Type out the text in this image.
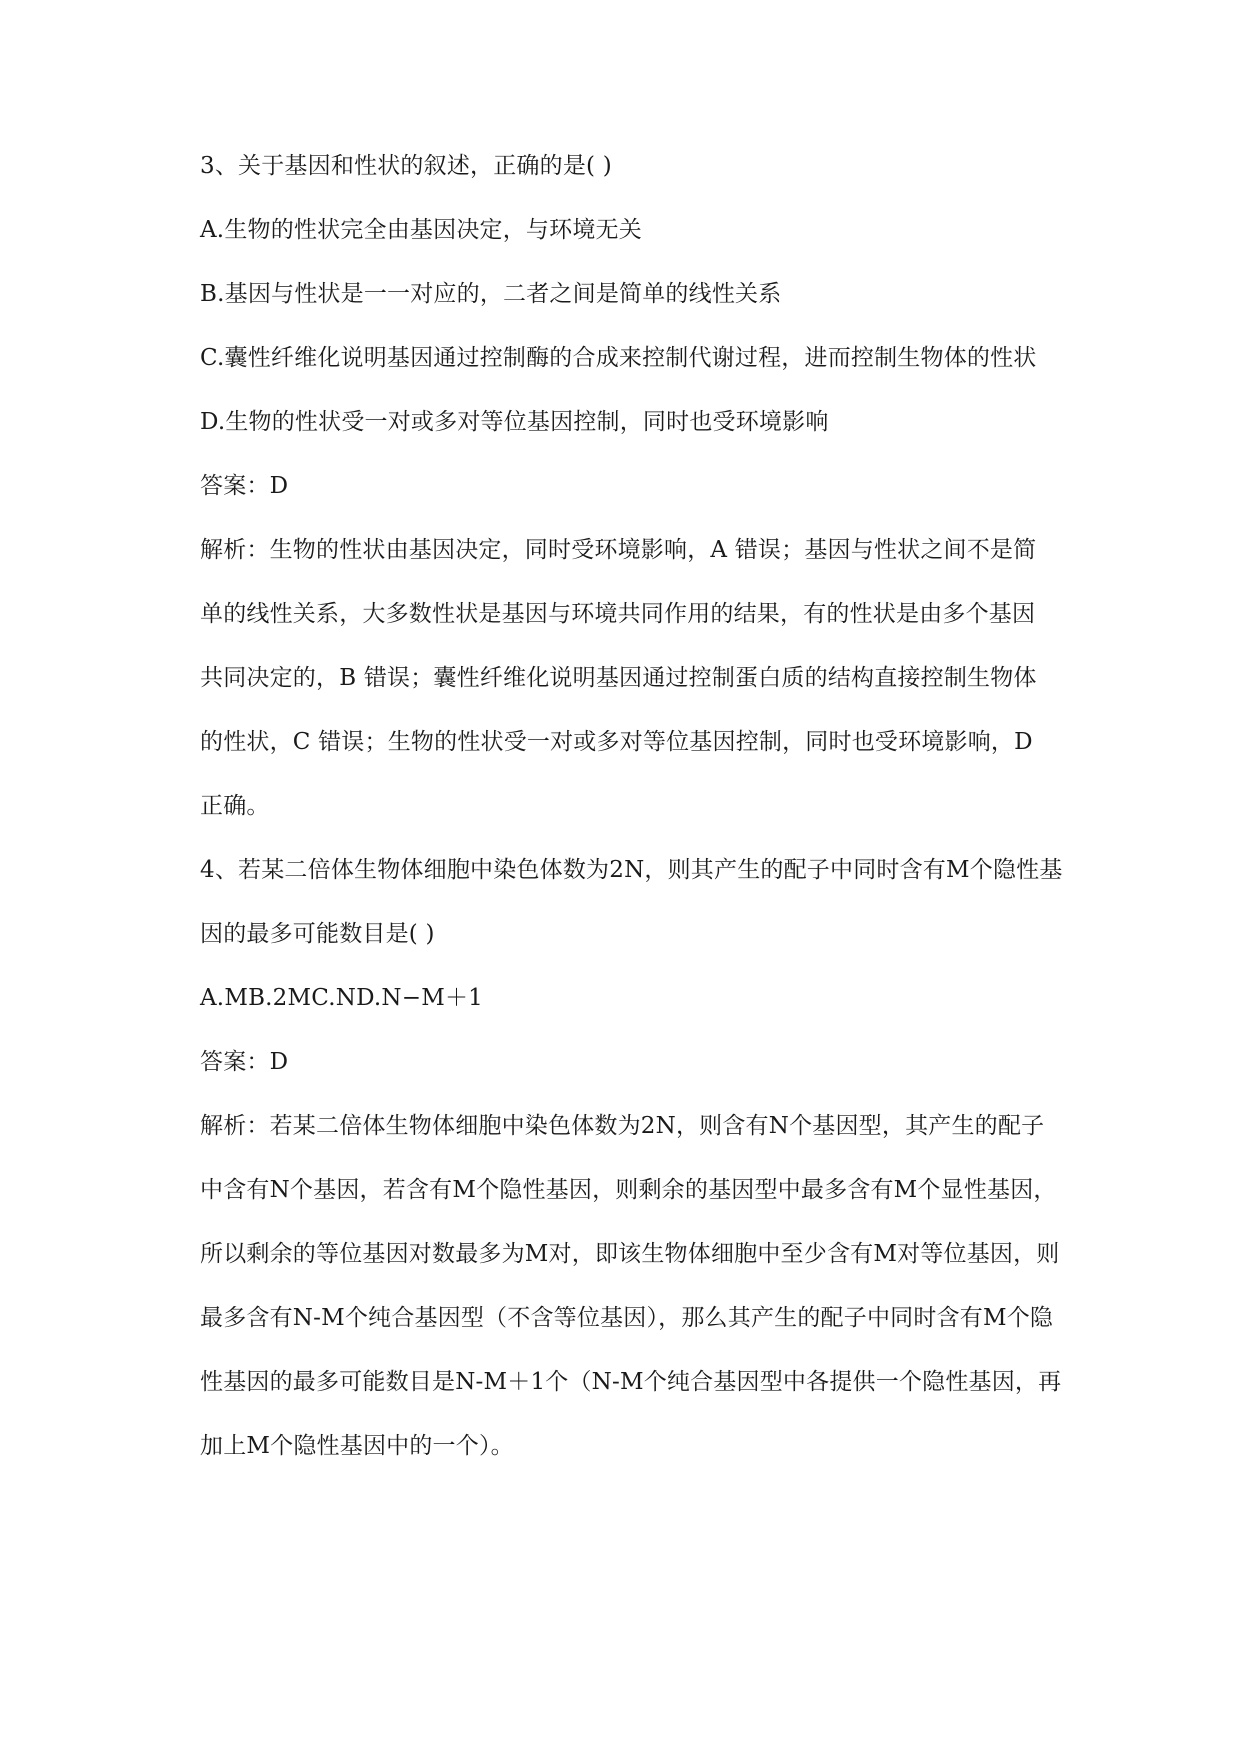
3、关于基因和性状的叙述，正确的是( )
A.生物的性状完全由基因决定，与环境无关
B.基因与性状是一一对应的，二者之间是简单的线性关系
C.囊性纤维化说明基因通过控制酶的合成来控制代谢过程，进而控制生物体的性状
D.生物的性状受一对或多对等位基因控制，同时也受环境影响
答案：D
解析：生物的性状由基因决定，同时受环境影响，A 错误；基因与性状之间不是简
单的线性关系，大多数性状是基因与环境共同作用的结果，有的性状是由多个基因
共同决定的，B 错误；囊性纤维化说明基因通过控制蛋白质的结构直接控制生物体
的性状，C 错误；生物的性状受一对或多对等位基因控制，同时也受环境影响，D
正确。
4、若某二倍体生物体细胞中染色体数为2N，则其产生的配子中同时含有M个隐性基
因的最多可能数目是( )
A.MB.2MC.ND.N−M＋1
答案：D
解析：若某二倍体生物体细胞中染色体数为2N，则含有N个基因型，其产生的配子
中含有N个基因，若含有M个隐性基因，则剩余的基因型中最多含有M个显性基因，
所以剩余的等位基因对数最多为M对，即该生物体细胞中至少含有M对等位基因，则
最多含有N-M个纯合基因型（不含等位基因），那么其产生的配子中同时含有M个隐
性基因的最多可能数目是N-M＋1个（N-M个纯合基因型中各提供一个隐性基因，再
加上M个隐性基因中的一个）。
